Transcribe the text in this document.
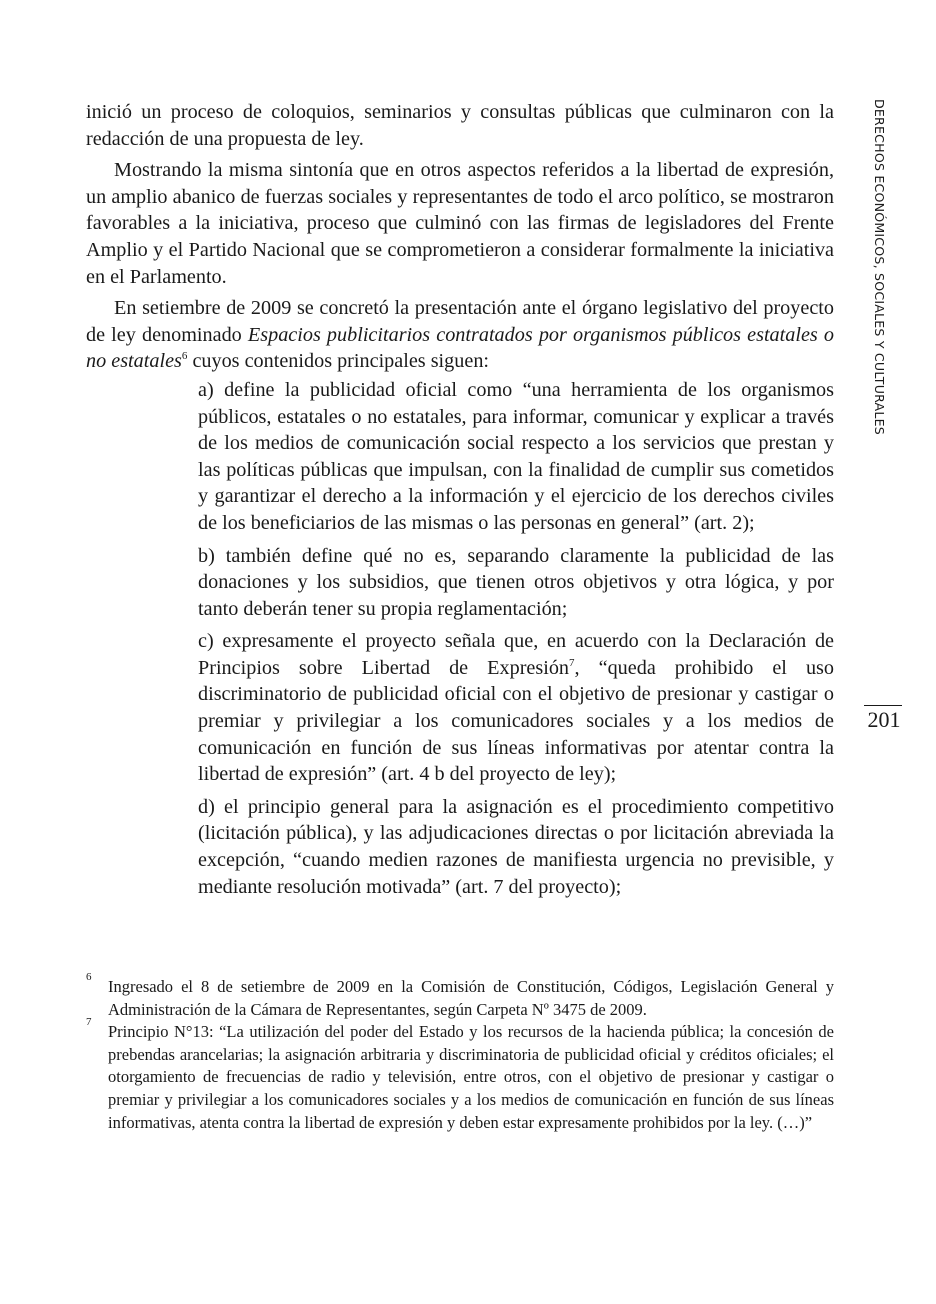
inició un proceso de coloquios, seminarios y consultas públicas que culminaron con la redacción de una propuesta de ley.

Mostrando la misma sintonía que en otros aspectos referidos a la libertad de expresión, un amplio abanico de fuerzas sociales y representantes de todo el arco político, se mostraron favorables a la iniciativa, proceso que culminó con las firmas de legisladores del Frente Amplio y el Partido Nacional que se comprometieron a considerar formalmente la iniciativa en el Parlamento.

En setiembre de 2009 se concretó la presentación ante el órgano legislativo del proyecto de ley denominado Espacios publicitarios contratados por organismos públicos estatales o no estatales$^6$ cuyos contenidos principales siguen:

a) define la publicidad oficial como “una herramienta de los organismos públicos, estatales o no estatales, para informar, comunicar y explicar a través de los medios de comunicación social respecto a los servicios que prestan y las políticas públicas que impulsan, con la finalidad de cumplir sus cometidos y garantizar el derecho a la información y el ejercicio de los derechos civiles de los beneficiarios de las mismas o las personas en general” (art. 2);
b) también define qué no es, separando claramente la publicidad de las donaciones y los subsidios, que tienen otros objetivos y otra lógica, y por tanto deberán tener su propia reglamentación;
c) expresamente el proyecto señala que, en acuerdo con la Declaración de Principios sobre Libertad de Expresión$^7$, “queda prohibido el uso discriminatorio de publicidad oficial con el objetivo de presionar y castigar o premiar y privilegiar a los comunicadores sociales y a los medios de comunicación en función de sus líneas informativas por atentar contra la libertad de expresión” (art. 4 b del proyecto de ley);
d) el principio general para la asignación es el procedimiento competitivo (licitación pública), y las adjudicaciones directas o por licitación abreviada la excepción, “cuando medien razones de manifiesta urgencia no previsible, y mediante resolución motivada” (art. 7 del proyecto);
6 Ingresado el 8 de setiembre de 2009 en la Comisión de Constitución, Códigos, Legislación General y Administración de la Cámara de Representantes, según Carpeta Nº 3475 de 2009.
7 Principio N°13: “La utilización del poder del Estado y los recursos de la hacienda pública; la concesión de prebendas arancelarias; la asignación arbitraria y discriminatoria de publicidad oficial y créditos oficiales; el otorgamiento de frecuencias de radio y televisión, entre otros, con el objetivo de presionar y castigar o premiar y privilegiar a los comunicadores sociales y a los medios de comunicación en función de sus líneas informativas, atenta contra la libertad de expresión y deben estar expresamente prohibidos por la ley. (…)”
DERECHOS ECONÓMICOS, SOCIALES Y CULTURALES
201
